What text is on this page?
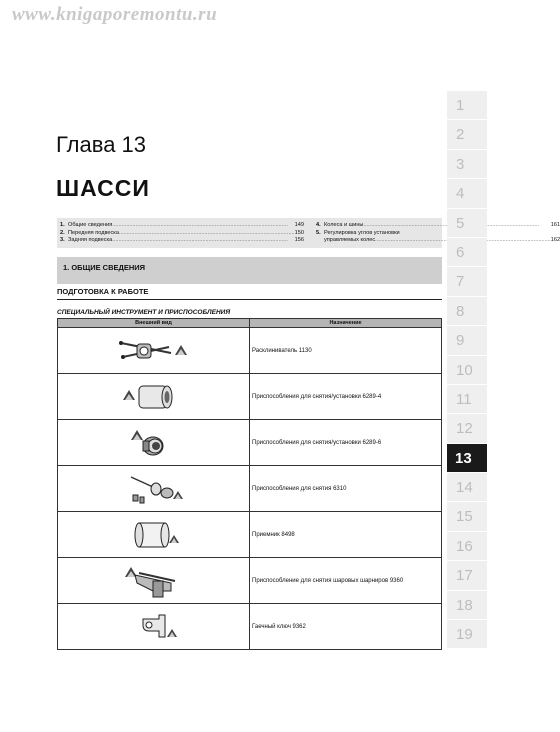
www.knigaporemontu.ru
Глава 13
ШАССИ
1. Общие сведения .....	149
2. Передняя подвеска .....	150
3. Задняя подвеска .....	156
4. Колеса и шины .....	161
5. Регулировка углов установки
управляемых колес .....	162
1. ОБЩИЕ СВЕДЕНИЯ
ПОДГОТОВКА К РАБОТЕ
СПЕЦИАЛЬНЫЙ ИНСТРУМЕНТ И ПРИСПОСОБЛЕНИЯ
Внешний вид	Назначение

	Расклиниватель 1130

	Приспособления для снятия/установки 6289-4

	Приспособления для снятия/установки 6289-6

	Приспособления для снятия 6310

	Приемник 8498

	Приспособление для снятия шаровых шарниров 9360

	Гаечный ключ 9362
1
2
3
4
5
6
7
8
9
10
11
12
13
14
15
16
17
18
19
